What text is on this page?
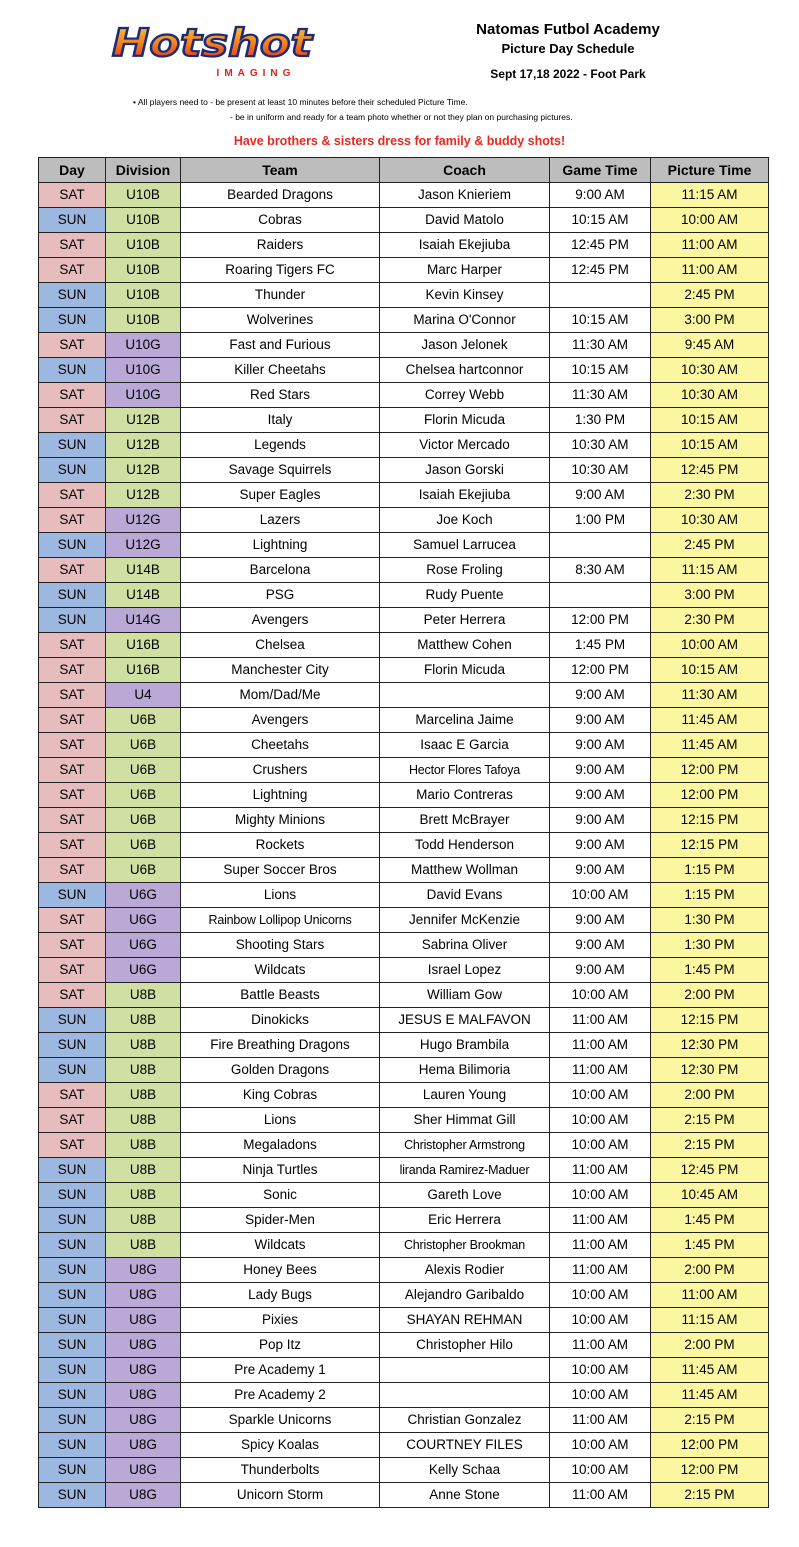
Hotshot
IMAGING
Natomas Futbol Academy
Picture Day Schedule
Sept 17,18 2022 - Foot Park
• All players need to - be present at least 10 minutes before their scheduled Picture Time.
- be in uniform and ready for a team photo whether or not they plan on purchasing pictures.
Have brothers & sisters dress for family & buddy shots!
Day	Division	Team	Coach	Game Time	Picture Time
SAT	U10B	Bearded Dragons	Jason Knieriem	9:00 AM	11:15 AM
SUN	U10B	Cobras	David Matolo	10:15 AM	10:00 AM
SAT	U10B	Raiders	Isaiah Ekejiuba	12:45 PM	11:00 AM
SAT	U10B	Roaring Tigers FC	Marc Harper	12:45 PM	11:00 AM
SUN	U10B	Thunder	Kevin Kinsey		2:45 PM
SUN	U10B	Wolverines	Marina O'Connor	10:15 AM	3:00 PM
SAT	U10G	Fast and Furious	Jason Jelonek	11:30 AM	9:45 AM
SUN	U10G	Killer Cheetahs	Chelsea hartconnor	10:15 AM	10:30 AM
SAT	U10G	Red Stars	Correy Webb	11:30 AM	10:30 AM
SAT	U12B	Italy	Florin Micuda	1:30 PM	10:15 AM
SUN	U12B	Legends	Victor Mercado	10:30 AM	10:15 AM
SUN	U12B	Savage Squirrels	Jason Gorski	10:30 AM	12:45 PM
SAT	U12B	Super Eagles	Isaiah Ekejiuba	9:00 AM	2:30 PM
SAT	U12G	Lazers	Joe Koch	1:00 PM	10:30 AM
SUN	U12G	Lightning	Samuel Larrucea		2:45 PM
SAT	U14B	Barcelona	Rose Froling	8:30 AM	11:15 AM
SUN	U14B	PSG	Rudy Puente		3:00 PM
SUN	U14G	Avengers	Peter Herrera	12:00 PM	2:30 PM
SAT	U16B	Chelsea	Matthew Cohen	1:45 PM	10:00 AM
SAT	U16B	Manchester City	Florin Micuda	12:00 PM	10:15 AM
SAT	U4	Mom/Dad/Me		9:00 AM	11:30 AM
SAT	U6B	Avengers	Marcelina Jaime	9:00 AM	11:45 AM
SAT	U6B	Cheetahs	Isaac E Garcia	9:00 AM	11:45 AM
SAT	U6B	Crushers	Hector Flores Tafoya	9:00 AM	12:00 PM
SAT	U6B	Lightning	Mario Contreras	9:00 AM	12:00 PM
SAT	U6B	Mighty Minions	Brett McBrayer	9:00 AM	12:15 PM
SAT	U6B	Rockets	Todd Henderson	9:00 AM	12:15 PM
SAT	U6B	Super Soccer Bros	Matthew Wollman	9:00 AM	1:15 PM
SUN	U6G	Lions	David Evans	10:00 AM	1:15 PM
SAT	U6G	Rainbow Lollipop Unicorns	Jennifer McKenzie	9:00 AM	1:30 PM
SAT	U6G	Shooting Stars	Sabrina Oliver	9:00 AM	1:30 PM
SAT	U6G	Wildcats	Israel Lopez	9:00 AM	1:45 PM
SAT	U8B	Battle Beasts	William Gow	10:00 AM	2:00 PM
SUN	U8B	Dinokicks	JESUS E MALFAVON	11:00 AM	12:15 PM
SUN	U8B	Fire Breathing Dragons	Hugo Brambila	11:00 AM	12:30 PM
SUN	U8B	Golden Dragons	Hema Bilimoria	11:00 AM	12:30 PM
SAT	U8B	King Cobras	Lauren Young	10:00 AM	2:00 PM
SAT	U8B	Lions	Sher Himmat Gill	10:00 AM	2:15 PM
SAT	U8B	Megaladons	Christopher Armstrong	10:00 AM	2:15 PM
SUN	U8B	Ninja Turtles	liranda Ramirez-Maduer	11:00 AM	12:45 PM
SUN	U8B	Sonic	Gareth Love	10:00 AM	10:45 AM
SUN	U8B	Spider-Men	Eric Herrera	11:00 AM	1:45 PM
SUN	U8B	Wildcats	Christopher Brookman	11:00 AM	1:45 PM
SUN	U8G	Honey Bees	Alexis Rodier	11:00 AM	2:00 PM
SUN	U8G	Lady Bugs	Alejandro Garibaldo	10:00 AM	11:00 AM
SUN	U8G	Pixies	SHAYAN REHMAN	10:00 AM	11:15 AM
SUN	U8G	Pop Itz	Christopher Hilo	11:00 AM	2:00 PM
SUN	U8G	Pre Academy 1		10:00 AM	11:45 AM
SUN	U8G	Pre Academy 2		10:00 AM	11:45 AM
SUN	U8G	Sparkle Unicorns	Christian Gonzalez	11:00 AM	2:15 PM
SUN	U8G	Spicy Koalas	COURTNEY FILES	10:00 AM	12:00 PM
SUN	U8G	Thunderbolts	Kelly Schaa	10:00 AM	12:00 PM
SUN	U8G	Unicorn Storm	Anne Stone	11:00 AM	2:15 PM
